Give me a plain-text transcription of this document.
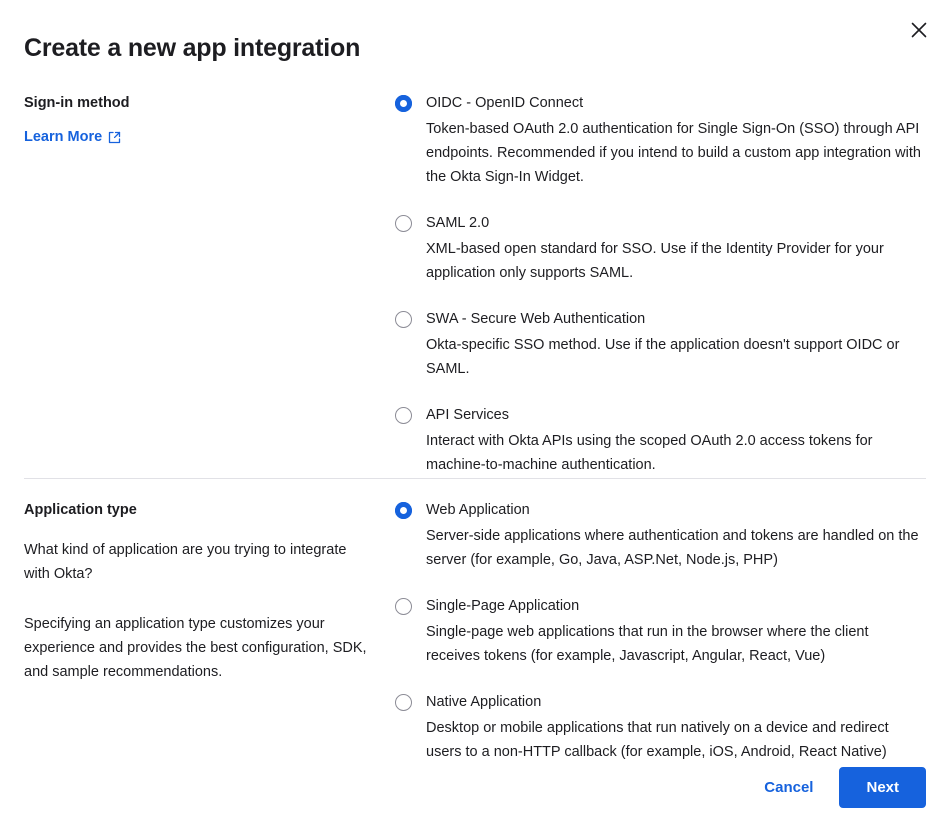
Create a new app integration
Sign-in method
Learn More
OIDC - OpenID Connect

Token-based OAuth 2.0 authentication for Single Sign-On (SSO) through API endpoints. Recommended if you intend to build a custom app integration with the Okta Sign-In Widget.

SAML 2.0

XML-based open standard for SSO. Use if the Identity Provider for your application only supports SAML.

SWA - Secure Web Authentication

Okta-specific SSO method. Use if the application doesn't support OIDC or SAML.

API Services

Interact with Okta APIs using the scoped OAuth 2.0 access tokens for machine-to-machine authentication.

Application type

What kind of application are you trying to integrate with Okta?

Specifying an application type customizes your experience and provides the best configuration, SDK, and sample recommendations.

Web Application

Server-side applications where authentication and tokens are handled on the server (for example, Go, Java, ASP.Net, Node.js, PHP)

Single-Page Application

Single-page web applications that run in the browser where the client receives tokens (for example, Javascript, Angular, React, Vue)

Native Application

Desktop or mobile applications that run natively on a device and redirect users to a non-HTTP callback (for example, iOS, Android, React Native)

Cancel	Next
